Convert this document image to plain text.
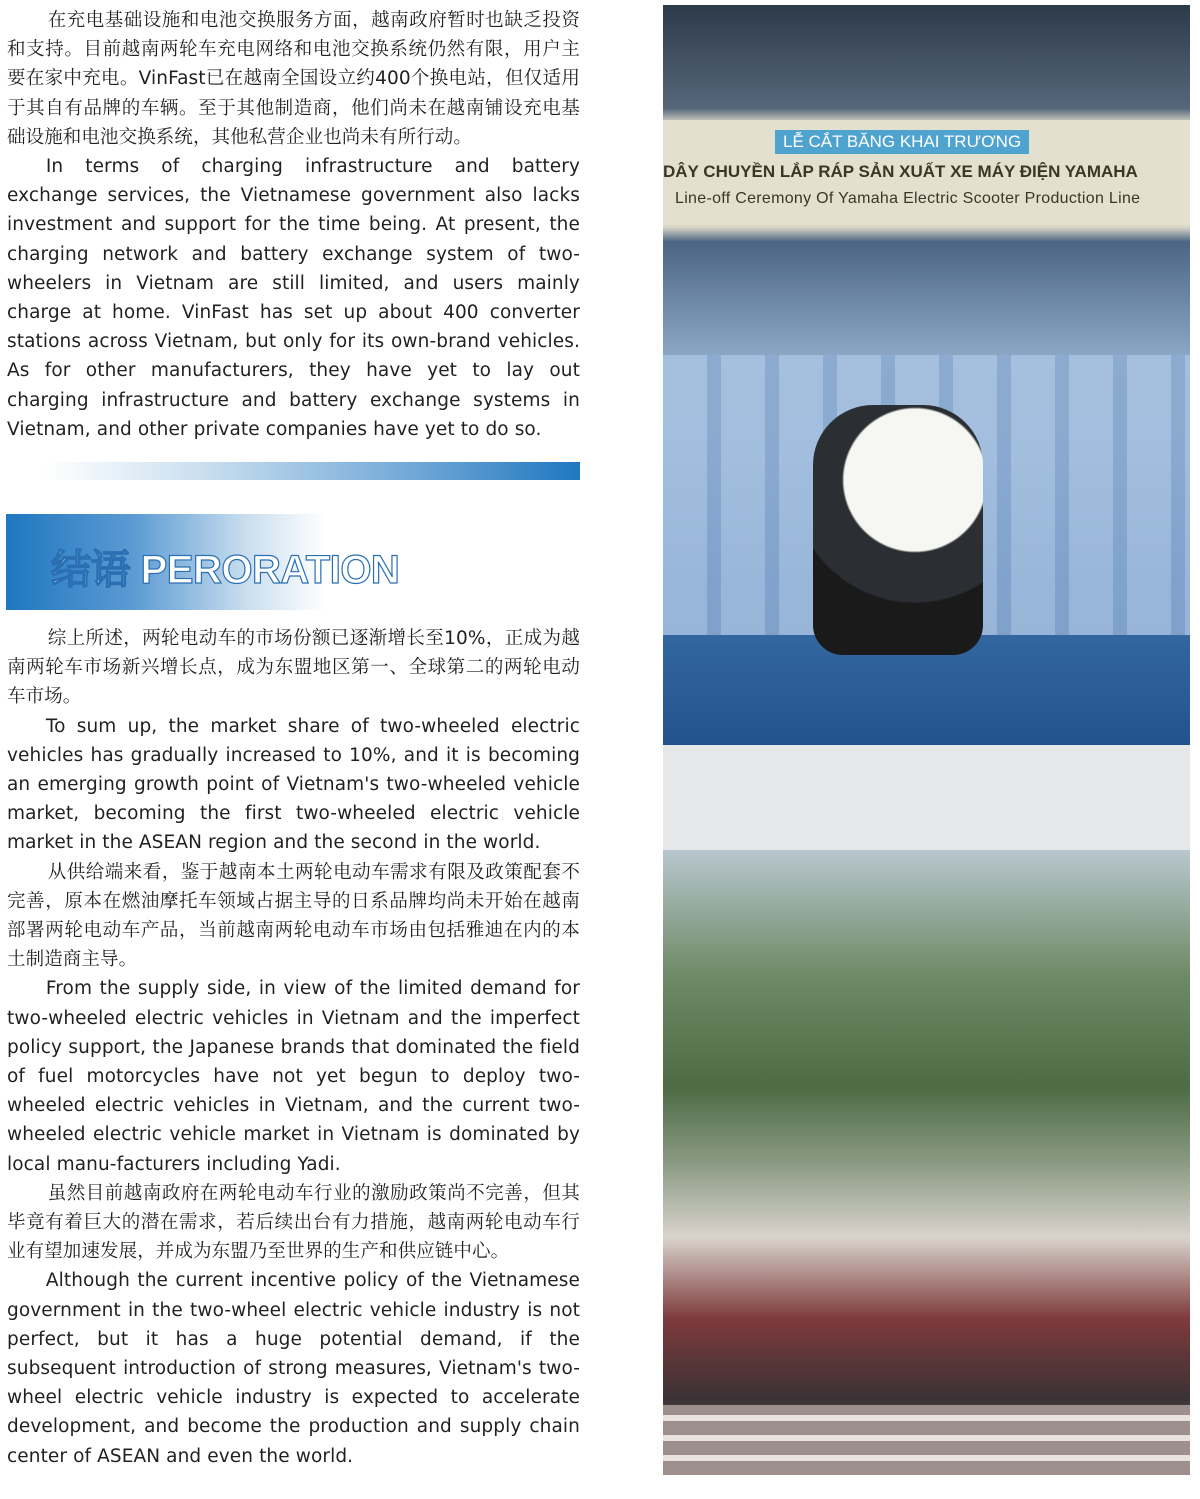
在充电基础设施和电池交换服务方面，越南政府暂时也缺乏投资和支持。目前越南两轮车充电网络和电池交换系统仍然有限，用户主要在家中充电。VinFast已在越南全国设立约400个换电站，但仅适用于其自有品牌的车辆。至于其他制造商，他们尚未在越南铺设充电基础设施和电池交换系统，其他私营企业也尚未有所行动。

In terms of charging infrastructure and battery exchange services, the Vietnamese government also lacks investment and support for the time being. At present, the charging network and battery exchange system of two-wheelers in Vietnam are still limited, and users mainly charge at home. VinFast has set up about 400 converter stations across Vietnam, but only for its own-brand vehicles. As for other manufacturers, they have yet to lay out charging infrastructure and battery exchange systems in Vietnam, and other private companies have yet to do so.

结语 PERORATION

综上所述，两轮电动车的市场份额已逐渐增长至10%，正成为越南两轮车市场新兴增长点，成为东盟地区第一、全球第二的两轮电动车市场。

To sum up, the market share of two-wheeled electric vehicles has gradually increased to 10%, and it is becoming an emerging growth point of Vietnam's two-wheeled vehicle market, becoming the first two-wheeled electric vehicle market in the ASEAN region and the second in the world.

从供给端来看，鉴于越南本土两轮电动车需求有限及政策配套不完善，原本在燃油摩托车领域占据主导的日系品牌均尚未开始在越南部署两轮电动车产品，当前越南两轮电动车市场由包括雅迪在内的本土制造商主导。

From the supply side, in view of the limited demand for two-wheeled electric vehicles in Vietnam and the imperfect policy support, the Japanese brands that dominated the field of fuel motorcycles have not yet begun to deploy two-wheeled electric vehicles in Vietnam, and the current two-wheeled electric vehicle market in Vietnam is dominated by local manu-facturers including Yadi.

虽然目前越南政府在两轮电动车行业的激励政策尚不完善，但其毕竟有着巨大的潜在需求，若后续出台有力措施，越南两轮电动车行业有望加速发展，并成为东盟乃至世界的生产和供应链中心。

Although the current incentive policy of the Vietnamese government in the two-wheel electric vehicle industry is not perfect, but it has a huge potential demand, if the subsequent introduction of strong measures, Vietnam's two-wheel electric vehicle industry is expected to accelerate development, and become the production and supply chain center of ASEAN and even the world.

LỄ CẮT BĂNG KHAI TRƯƠNG
DÂY CHUYỀN LẮP RÁP SẢN XUẤT XE MÁY ĐIỆN YAMAHA
Line-off Ceremony Of Yamaha Electric Scooter Production Line
